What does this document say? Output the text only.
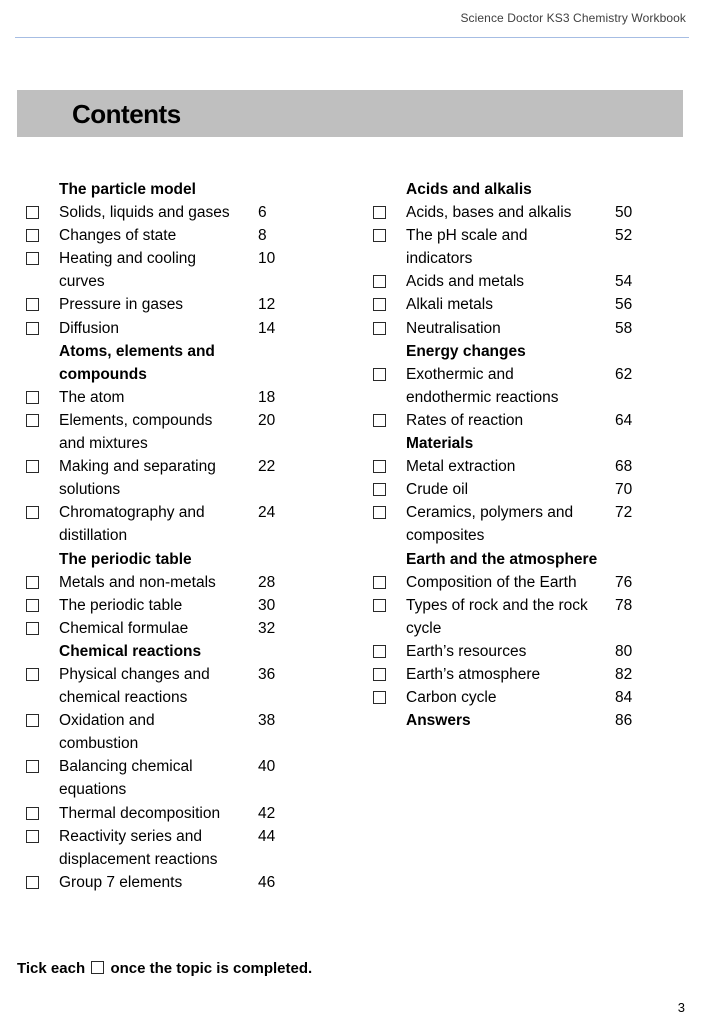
Science Doctor KS3 Chemistry Workbook
Contents
The particle model
Solids, liquids and gases	6
Changes of state	8
Heating and cooling	10
curves
Pressure in gases	12
Diffusion	14
Atoms, elements and
compounds
The atom	18
Elements, compounds	20
and mixtures
Making and separating	22
solutions
Chromatography and	24
distillation
The periodic table
Metals and non-metals	28
The periodic table	30
Chemical formulae	32
Chemical reactions
Physical changes and	36
chemical reactions
Oxidation and	38
combustion
Balancing chemical	40
equations
Thermal decomposition	42
Reactivity series and	44
displacement reactions
Group 7 elements	46
Acids and alkalis
Acids, bases and alkalis	50
The pH scale and	52
indicators
Acids and metals	54
Alkali metals	56
Neutralisation	58
Energy changes
Exothermic and	62
endothermic reactions
Rates of reaction	64
Materials
Metal extraction	68
Crude oil	70
Ceramics, polymers and	72
composites
Earth and the atmosphere
Composition of the Earth	76
Types of rock and the rock	78
cycle
Earth’s resources	80
Earth’s atmosphere	82
Carbon cycle	84
Answers	86
Tick each once the topic is completed.
3
